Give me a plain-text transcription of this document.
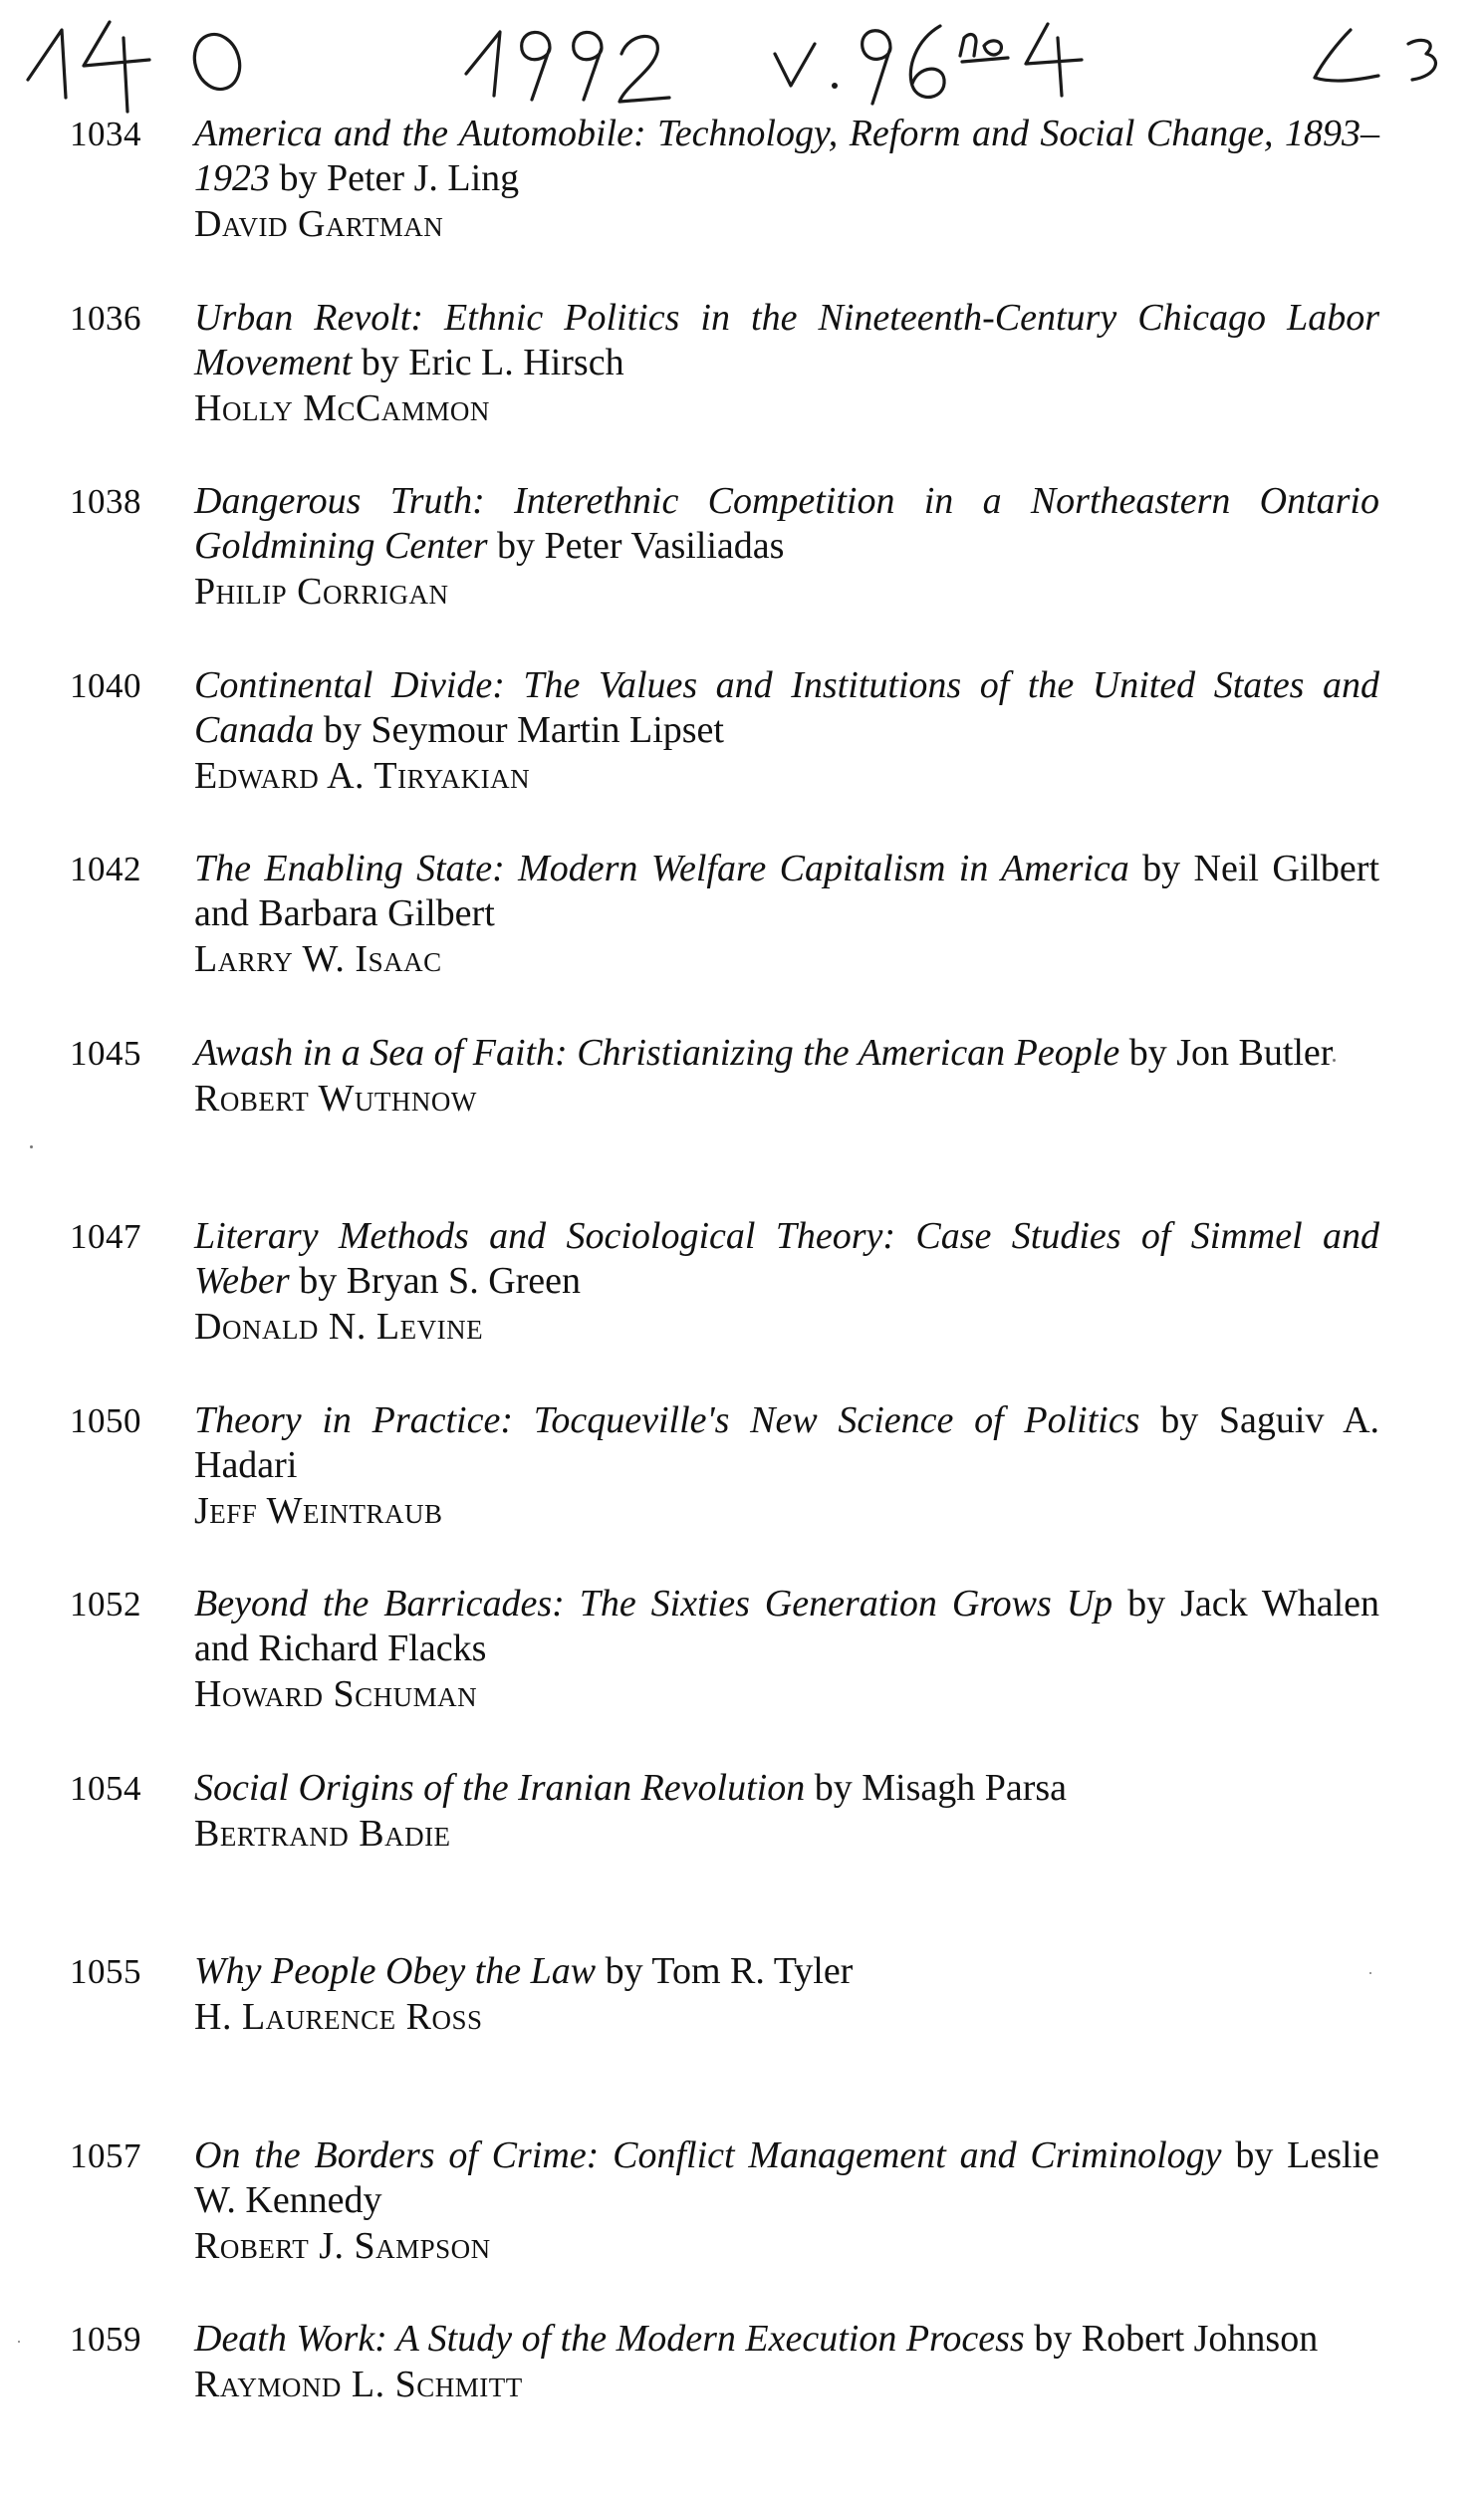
1034	America and the Automobile: Technology, Reform and Social Change, 1893–1923 by Peter J. Ling

David Gartman

1036	Urban Revolt: Ethnic Politics in the Nineteenth-Century Chicago Labor Movement by Eric L. Hirsch

Holly McCammon

1038	Dangerous Truth: Interethnic Competition in a Northeastern Ontario Goldmining Center by Peter Vasiliadas

Philip Corrigan

1040	Continental Divide: The Values and Institutions of the United States and Canada by Seymour Martin Lipset

Edward A. Tiryakian

1042	The Enabling State: Modern Welfare Capitalism in America by Neil Gilbert and Barbara Gilbert

Larry W. Isaac

1045	Awash in a Sea of Faith: Christianizing the American People by Jon Butler

Robert Wuthnow

1047	Literary Methods and Sociological Theory: Case Studies of Simmel and Weber by Bryan S. Green

Donald N. Levine

1050	Theory in Practice: Tocqueville's New Science of Politics by Saguiv A. Hadari

Jeff Weintraub

1052	Beyond the Barricades: The Sixties Generation Grows Up by Jack Whalen and Richard Flacks

Howard Schuman

1054	Social Origins of the Iranian Revolution by Misagh Parsa

Bertrand Badie

1055	Why People Obey the Law by Tom R. Tyler

H. Laurence Ross

1057	On the Borders of Crime: Conflict Management and Criminology by Leslie W. Kennedy

Robert J. Sampson

1059	Death Work: A Study of the Modern Execution Process by Robert Johnson

Raymond L. Schmitt
